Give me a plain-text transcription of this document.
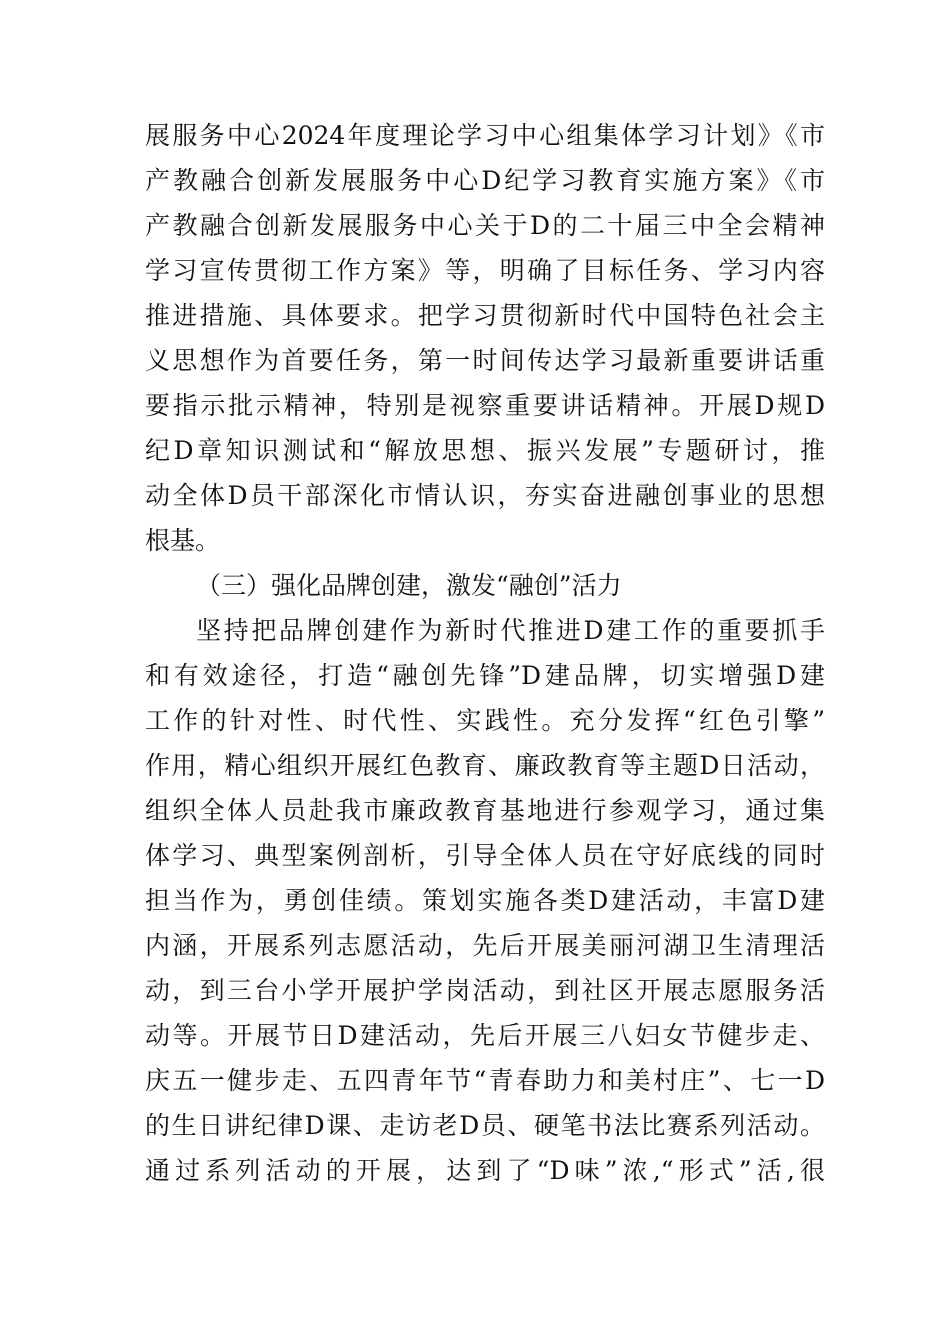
展服务中心2024年度理论学习中心组集体学习计划》《市
产教融合创新发展服务中心D纪学习教育实施方案》《市
产教融合创新发展服务中心关于D的二十届三中全会精神
学习宣传贯彻工作方案》等，明确了目标任务、学习内容
推进措施、具体要求。把学习贯彻新时代中国特色社会主
义思想作为首要任务，第一时间传达学习最新重要讲话重
要指示批示精神，特别是视察重要讲话精神。开展D规D
纪D章知识测试和“解放思想、振兴发展”专题研讨，推
动全体D员干部深化市情认识，夯实奋进融创事业的思想
根基。
（三）强化品牌创建，激发“融创”活力
坚持把品牌创建作为新时代推进D建工作的重要抓手
和有效途径，打造“融创先锋”D建品牌，切实增强D建
工作的针对性、时代性、实践性。充分发挥“红色引擎”
作用，精心组织开展红色教育、廉政教育等主题D日活动，
组织全体人员赴我市廉政教育基地进行参观学习，通过集
体学习、典型案例剖析，引导全体人员在守好底线的同时
担当作为，勇创佳绩。策划实施各类D建活动，丰富D建
内涵，开展系列志愿活动，先后开展美丽河湖卫生清理活
动，到三台小学开展护学岗活动，到社区开展志愿服务活
动等。开展节日D建活动，先后开展三八妇女节健步走、
庆五一健步走、五四青年节“青春助力和美村庄”、七一D
的生日讲纪律D课、走访老D员、硬笔书法比赛系列活动。
通过系列活动的开展，达到了“D味”浓,“形式”活,很
